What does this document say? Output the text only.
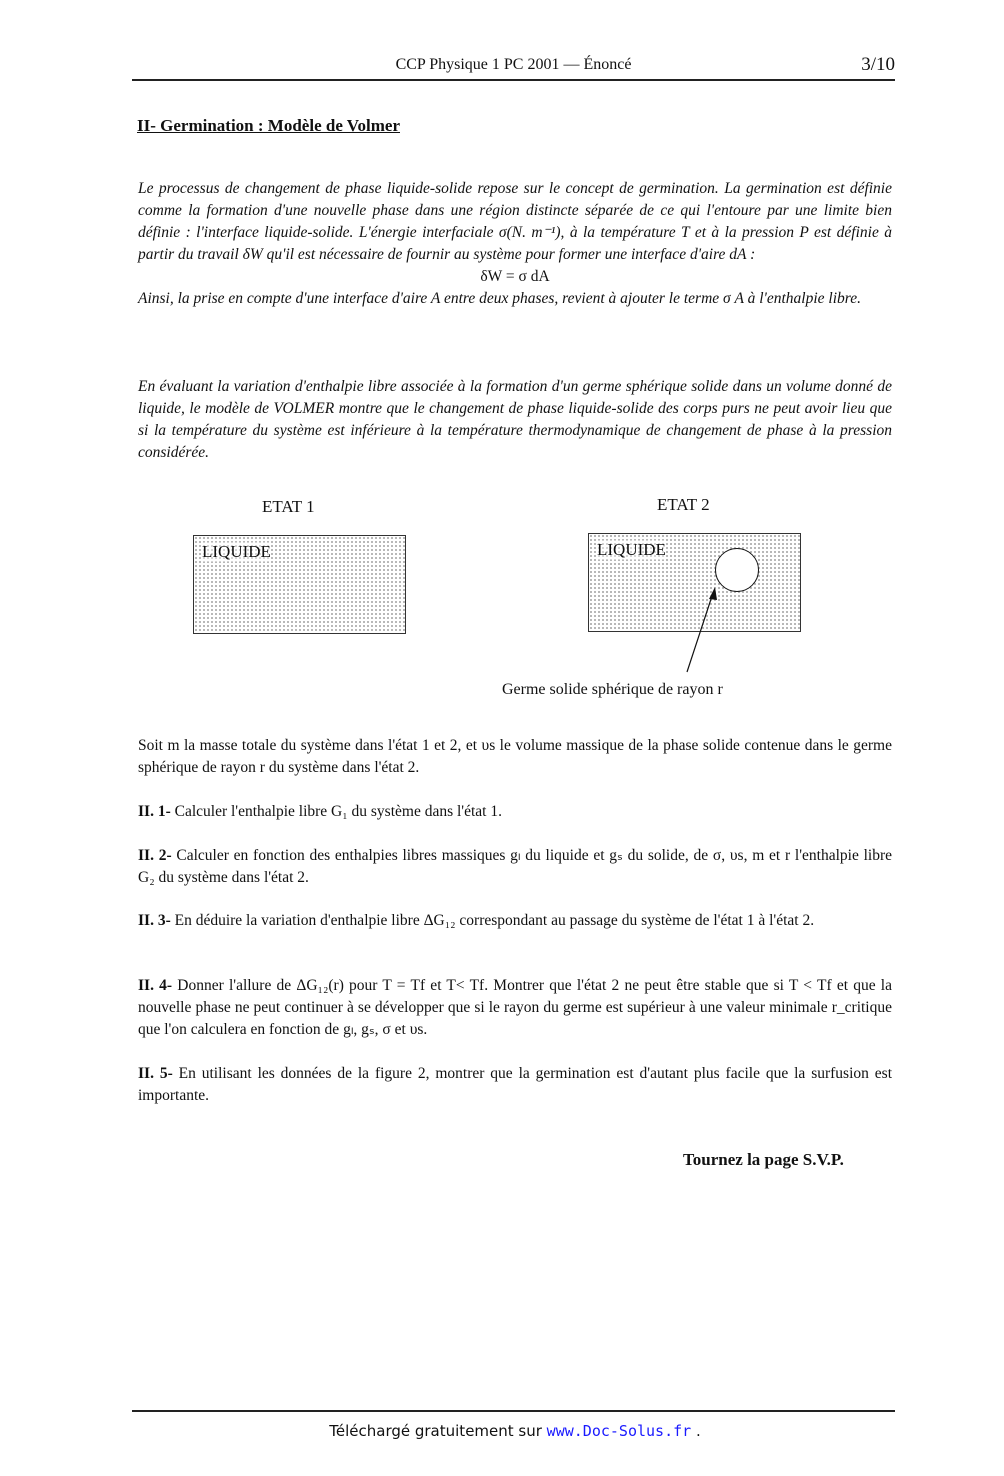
CCP Physique 1 PC 2001 — Énoncé	3/10
II- Germination : Modèle de Volmer
Le processus de changement de phase liquide-solide repose sur le concept de germination. La germination est définie comme la formation d'une nouvelle phase dans une région distincte séparée de ce qui l'entoure par une limite bien définie : l'interface liquide-solide. L'énergie interfaciale σ(N. m⁻¹), à la température T et à la pression P est définie à partir du travail δW qu'il est nécessaire de fournir au système pour former une interface d'aire dA :
δW = σ dA
Ainsi, la prise en compte d'une interface d'aire A entre deux phases, revient à ajouter le terme σ A à l'enthalpie libre.
En évaluant la variation d'enthalpie libre associée à la formation d'un germe sphérique solide dans un volume donné de liquide, le modèle de VOLMER montre que le changement de phase liquide-solide des corps purs ne peut avoir lieu que si la température du système est inférieure à la température thermodynamique de changement de phase à la pression considérée.
ETAT 1	ETAT 2
LIQUIDE	LIQUIDE
Germe solide sphérique de rayon r
Soit m la masse totale du système dans l'état 1 et 2, et υs le volume massique de la phase solide contenue dans le germe sphérique de rayon r du système dans l'état 2.
II. 1- Calculer l'enthalpie libre G₁ du système dans l'état 1.
II. 2- Calculer en fonction des enthalpies libres massiques gₗ du liquide et gₛ du solide, de σ, υs, m et r l'enthalpie libre G₂ du système dans l'état 2.
II. 3- En déduire la variation d'enthalpie libre ΔG₁₂ correspondant au passage du système de l'état 1 à l'état 2.
II. 4- Donner l'allure de ΔG₁₂(r) pour T = Tf et T< Tf. Montrer que l'état 2 ne peut être stable que si T < Tf et que la nouvelle phase ne peut continuer à se développer que si le rayon du germe est supérieur à une valeur minimale r_critique que l'on calculera en fonction de gₗ, gₛ, σ et υs.
II. 5- En utilisant les données de la figure 2, montrer que la germination est d'autant plus facile que la surfusion est importante.
Tournez la page S.V.P.
Téléchargé gratuitement sur www.Doc-Solus.fr .
